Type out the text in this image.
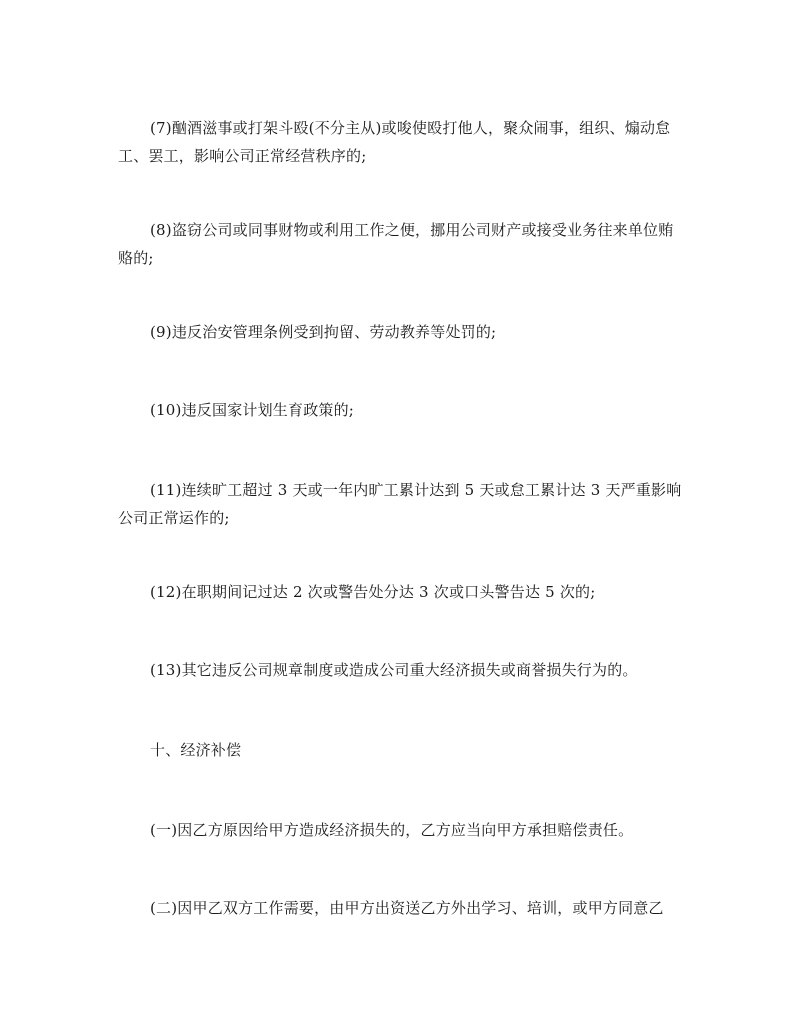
(7)酗酒滋事或打架斗殴(不分主从)或唆使殴打他人，聚众闹事，组织、煽动怠工、罢工，影响公司正常经营秩序的;

(8)盗窃公司或同事财物或利用工作之便，挪用公司财产或接受业务往来单位贿赂的;

(9)违反治安管理条例受到拘留、劳动教养等处罚的;

(10)违反国家计划生育政策的;

(11)连续旷工超过 3 天或一年内旷工累计达到 5 天或怠工累计达 3 天严重影响公司正常运作的;

(12)在职期间记过达 2 次或警告处分达 3 次或口头警告达 5 次的;

(13)其它违反公司规章制度或造成公司重大经济损失或商誉损失行为的。

十、经济补偿

(一)因乙方原因给甲方造成经济损失的，乙方应当向甲方承担赔偿责任。

(二)因甲乙双方工作需要，由甲方出资送乙方外出学习、培训，或甲方同意乙
